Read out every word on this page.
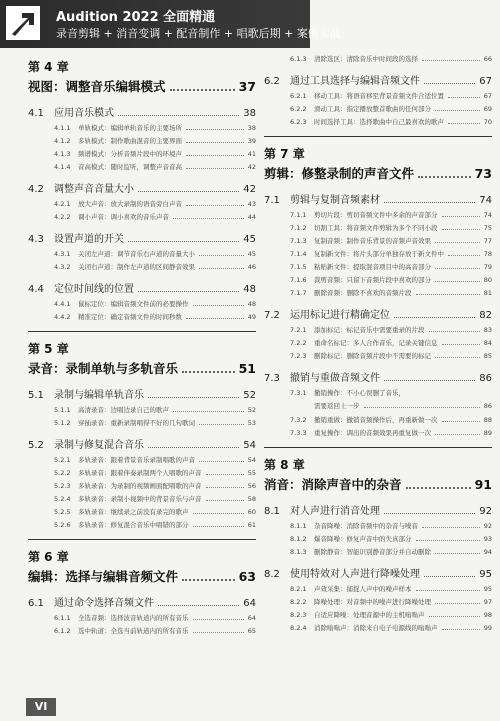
Audition 2022 全面精通
录音剪辑 + 消音变调 + 配音制作 + 唱歌后期 + 案例实战
第 4 章
视图：调整音乐编辑模式	37
4.1	应用音乐模式	38
4.1.1	单轨模式：编辑单轨音乐的主要场所	38
4.1.2	多轨模式：制作歌曲混音的主要界面	39
4.1.3	频谱模式：分析音频片段中的环境声	41
4.1.4	音高模式：随时监听，调整声音音高	42
4.2	调整声音音量大小	42
4.2.1	放大声音：放大录制的语音旁白声音	43
4.2.2	调小声音：调小喜欢的音乐声音	44
4.3	设置声道的开关	45
4.3.1	关闭左声道：调节音乐右声道的音量大小	45
4.3.2	关闭右声道：制作左声道的区间静音效果	46
4.4	定位时间线的位置	48
4.4.1	鼠标定位：编辑音频文件前的必要操作	48
4.4.2	精准定位：确定音频文件的时间秒数	49
第 5 章
录音：录制单轨与多轨音乐	51
5.1	录制与编辑单轨音乐	52
5.1.1	高清录音：边唱边录自己的歌声	52
5.1.2	穿插录音：重新录制唱得不好的几句歌词	53
5.2	录制与修复混合音乐	54
5.2.1	多轨录音：跟着背景音乐录制唱歌的声音	54
5.2.2	多轨录音：跟着伴奏录制两个人唱歌的声音	55
5.2.3	多轨录音：为录制的视频画面配唱歌的声音	56
5.2.4	多轨录音：录制小视频中的背景音乐与声音	58
5.2.5	多轨录音：继续录之前没有录完的歌声	60
5.2.6	多轨录音：修复混合音乐中唱错的部分	61
第 6 章
编辑：选择与编辑音频文件	63
6.1	通过命令选择音频文件	64
6.1.1	全选音频：选择波音轨道内的所有音乐	64
6.1.2	选中轨道：全选当前轨道内的所有音乐	65
6.1.3	清除选区：清除音乐中时间段的选择	66
6.2	通过工具选择与编辑音频文件	67
6.2.1	移动工具：将语音移至背景音频文件合适位置	67
6.2.2	滑动工具：指定播放整首歌曲的任何部分	69
6.2.3	时间选择工具：选择歌曲中自己最喜欢的歌声	70
第 7 章
剪辑：修整录制的声音文件	73
7.1	剪辑与复制音频素材	74
7.1.1	剪切片段：剪切音频文件中多余的声音部分	74
7.1.2	切割工具：将音频文件剪辑为多个不同小段	75
7.1.3	复制音频：制作音乐背景的音频声音效果	77
7.1.4	复制新文件：将片头部分单独存放于新文件中	78
7.1.5	粘贴新文件：提取混音项目中的高音部分	79
7.1.6	裁剪音频：只留下音频片段中喜欢的部分	80
7.1.7	删除音频：删除不喜欢的音频片段	81
7.2	运用标记进行精确定位	82
7.2.1	添加标记：标记音乐中需要重录的片段	83
7.2.2	重命名标记：多人合作音乐，记录关键信息	84
7.2.3	删除标记：删除音频片段中不需要的标记	85
7.3	撤销与重做音频文件	86
7.3.1	撤销操作：不小心误删了音乐，
需要返回上一步	86
7.3.2	撤销重做：撤销音频操作后，再重新做一次	88
7.3.3	重复操作：调出的音频效果再重复做一次	89
第 8 章
消音：消除声音中的杂音	91
8.1	对人声进行消音处理	92
8.1.1	杂音降噪：消除音频中的杂音与噪音	92
8.1.2	爆音降噪：修复声音中的失真部分	93
8.1.3	删除静音：智能识别静音部分并自动删除	94
8.2	使用特效对人声进行降噪处理	95
8.2.1	声效采集：捕捉人声中的噪声样本	95
8.2.2	降噪处理：对音频中的噪声进行降噪处理	97
8.2.3	自适应降噪：处理音源中的主机嗡嗡声	98
8.2.4	消除嗡嗡声：消除来自电子电源线的嗡嗡声	99
VI
